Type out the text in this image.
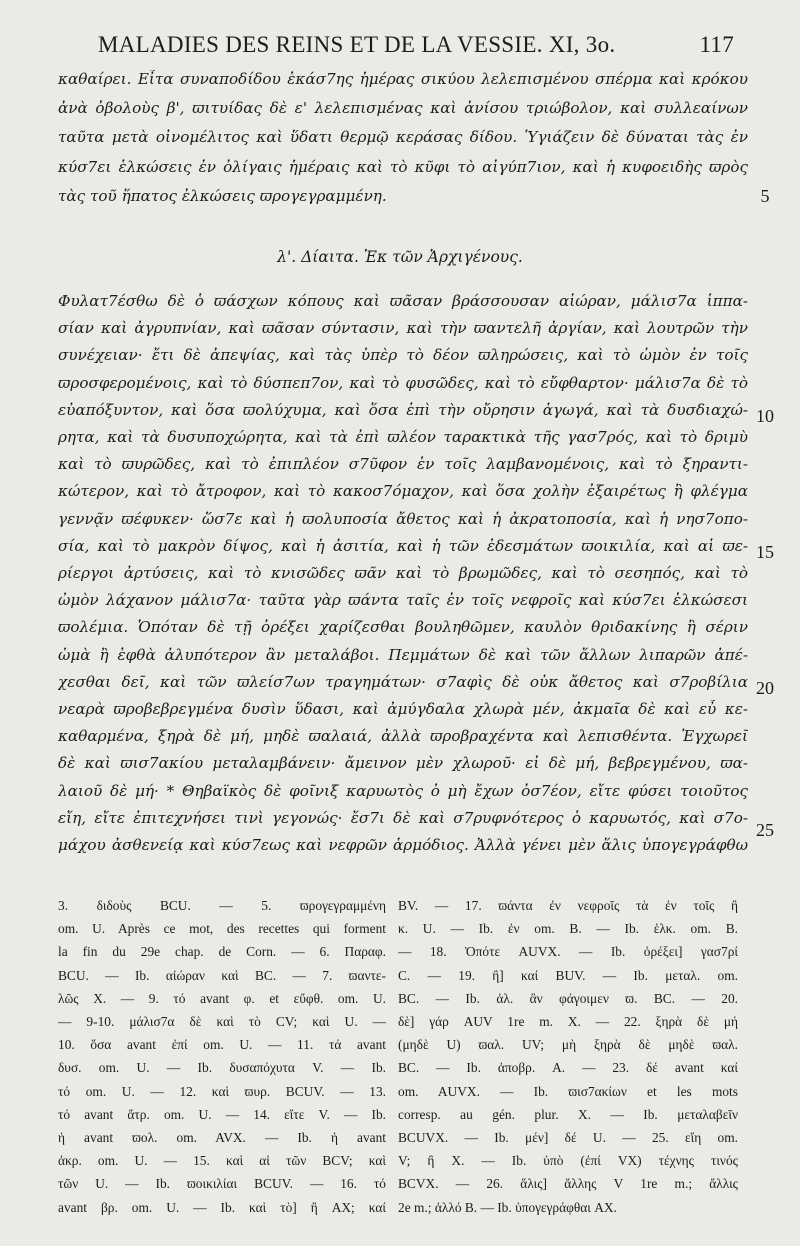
MALADIES DES REINS ET DE LA VESSIE. XI, 3o.	117
καθαίρει. Εἶτα συναποδίδου ἑκάσ7ης ἡμέρας σικύου λελεπισμένου σπέρμα καὶ κρόκου
ἀνὰ ὀβολοὺς β', ϖιτυίδας δὲ ε' λελεπισμένας καὶ ἀνίσου τριώβολον, καὶ συλλεαίνων
ταῦτα μετὰ οἰνομέλιτος καὶ ὕδατι θερμῷ κεράσας δίδου. Ὑγιάζειν δὲ δύναται τὰς ἐν
κύσ7ει ἑλκώσεις ἐν ὀλίγαις ἡμέραις καὶ τὸ κῦφι τὸ αἰγύπ7ιον, καὶ ἡ κυφοειδὴς ϖρὸς
τὰς τοῦ ἥπατος ἑλκώσεις ϖρογεγραμμένη.	5
λ'. Δίαιτα. Ἐκ τῶν Ἀρχιγένους.
Φυλατ7έσθω δὲ ὁ ϖάσχων κόπους καὶ ϖᾶσαν βράσσουσαν αἰώραν, μάλισ7α ἱππα-
σίαν καὶ ἀγρυπνίαν, καὶ ϖᾶσαν σύντασιν, καὶ τὴν ϖαντελῆ ἀργίαν, καὶ λουτρῶν τὴν
συνέχειαν· ἔτι δὲ ἀπεψίας, καὶ τὰς ὑπὲρ τὸ δέον ϖληρώσεις, καὶ τὸ ὠμὸν ἐν τοῖς
ϖροσφερομένοις, καὶ τὸ δύσπεπ7ον, καὶ τὸ φυσῶδες, καὶ τὸ εὔφθαρτον· μάλισ7α δὲ τὸ
εὐαπόξυντον, καὶ ὅσα ϖολύχυμα, καὶ ὅσα ἐπὶ τὴν οὔρησιν ἀγωγά, καὶ τὰ δυσδιαχώ-
ρητα, καὶ τὰ δυσυποχώρητα, καὶ τὰ ἐπὶ ϖλέον ταρακτικὰ τῆς γασ7ρός, καὶ τὸ δριμὺ
καὶ τὸ ϖυρῶδες, καὶ τὸ ἐπιπλέον σ7ῦφον ἐν τοῖς λαμβανομένοις, καὶ τὸ ξηραντι-
κώτερον, καὶ τὸ ἄτροφον, καὶ τὸ κακοσ7όμαχον, καὶ ὅσα χολὴν ἐξαιρέτως ἢ φλέγμα
γεννᾷν ϖέφυκεν· ὥσ7ε καὶ ἡ ϖολυποσία ἄθετος καὶ ἡ ἀκρατοποσία, καὶ ἡ νησ7οπο-
σία, καὶ τὸ μακρὸν δίψος, καὶ ἡ ἀσιτία, καὶ ἡ τῶν ἐδεσμάτων ϖοικιλία, καὶ αἱ ϖε-
ρίεργοι ἀρτύσεις, καὶ τὸ κνισῶδες ϖᾶν καὶ τὸ βρωμῶδες, καὶ τὸ σεσηπός, καὶ τὸ
ὠμὸν λάχανον μάλισ7α· ταῦτα γὰρ ϖάντα ταῖς ἐν τοῖς νεφροῖς καὶ κύσ7ει ἑλκώσεσι
ϖολέμια. Ὁπόταν δὲ τῇ ὀρέξει χαρίζεσθαι βουληθῶμεν, καυλὸν θριδακίνης ἢ σέριν
ὠμὰ ἢ ἑφθὰ ἀλυπότερον ἂν μεταλάβοι. Πεμμάτων δὲ καὶ τῶν ἄλλων λιπαρῶν ἀπέ-
χεσθαι δεῖ, καὶ τῶν ϖλείσ7ων τραγημάτων· σ7αφὶς δὲ οὐκ ἄθετος καὶ σ7ροβίλια
νεαρὰ ϖροβεβρεγμένα δυσὶν ὕδασι, καὶ ἀμύγδαλα χλωρὰ μέν, ἀκμαῖα δὲ καὶ εὖ κε-
καθαρμένα, ξηρὰ δὲ μή, μηδὲ ϖαλαιά, ἀλλὰ ϖροβραχέντα καὶ λεπισθέντα. Ἐγχωρεῖ
δὲ καὶ ϖισ7ακίου μεταλαμβάνειν· ἄμεινον μὲν χλωροῦ· εἰ δὲ μή, βεβρεγμένου, ϖα-
λαιοῦ δὲ μή· * Θηβαϊκὸς δὲ φοῖνιξ καρυωτὸς ὁ μὴ ἔχων ὀσ7έον, εἴτε φύσει τοιοῦτος
εἴη, εἴτε ἐπιτεχνήσει τινὶ γεγονώς· ἔσ7ι δὲ καὶ σ7ρυφνότερος ὁ καρυωτός, καὶ σ7ο-
μάχου ἀσθενείᾳ καὶ κύσ7εως καὶ νεφρῶν ἁρμόδιος. Ἀλλὰ γένει μὲν ἅλις ὑπογεγράφθω
10
15
20
25
3. διδοὺς BCU. — 5. ϖρογεγραμμένη
om. U. Après ce mot, des recettes qui forment
la fin du 29e chap. de Corn. — 6. Παραφ.
BCU. — Ib. αἰώραν καὶ BC. — 7. ϖαντε-
λῶς X. — 9. τό avant φ. et εὔφθ. om. U.
— 9-10. μάλισ7α δὲ καὶ τὸ CV; καὶ U. —
10. ὅσα avant ἐπί om. U. — 11. τά avant
δυσ. om. U. — Ib. δυσαπόχυτα V. — Ib.
τό om. U. — 12. καὶ ϖυρ. BCUV. — 13.
τό avant ἄτρ. om. U. — 14. εἴτε V. — Ib.
ἡ avant ϖολ. om. AVX. — Ib. ἡ avant
ἀκρ. om. U. — 15. καὶ αἱ τῶν BCV; καὶ
τῶν U. — Ib. ϖοικιλίαι BCUV. — 16. τό
avant βρ. om. U. — Ib. καὶ τὸ] ἢ AX; καί
BV. — 17. ϖάντα ἐν νεφροῖς τὰ ἐν τοῖς ἢ
κ. U. — Ib. ἐν om. B. — Ib. ἑλκ. om. B.
— 18. Ὁπότε AUVX. — Ib. ὀρέξει] γασ7ρί
C. — 19. ἢ] καί BUV. — Ib. μεταλ. om.
BC. — Ib. ἀλ. ἂν φάγοιμεν ϖ. BC. — 20.
δὲ] γάρ AUV 1re m. X. — 22. ξηρὰ δὲ μή
(μηδὲ U) ϖαλ. UV; μὴ ξηρὰ δὲ μηδὲ ϖαλ.
BC. — Ib. ἀποβρ. A. — 23. δέ avant καί
om. AUVX. — Ib. ϖισ7ακίων et les mots
corresp. au gén. plur. X. — Ib. μεταλαβεῖν
BCUVX. — Ib. μέν] δέ U. — 25. εἴη om.
V; ἢ X. — Ib. ὑπὸ (ἐπί VX) τέχνης τινός
BCVX. — 26. ἅλις] ἄλλης V 1re m.; ἄλλις
2e m.; ἀλλό B. — Ib. ὑπογεγράφθαι AX.
